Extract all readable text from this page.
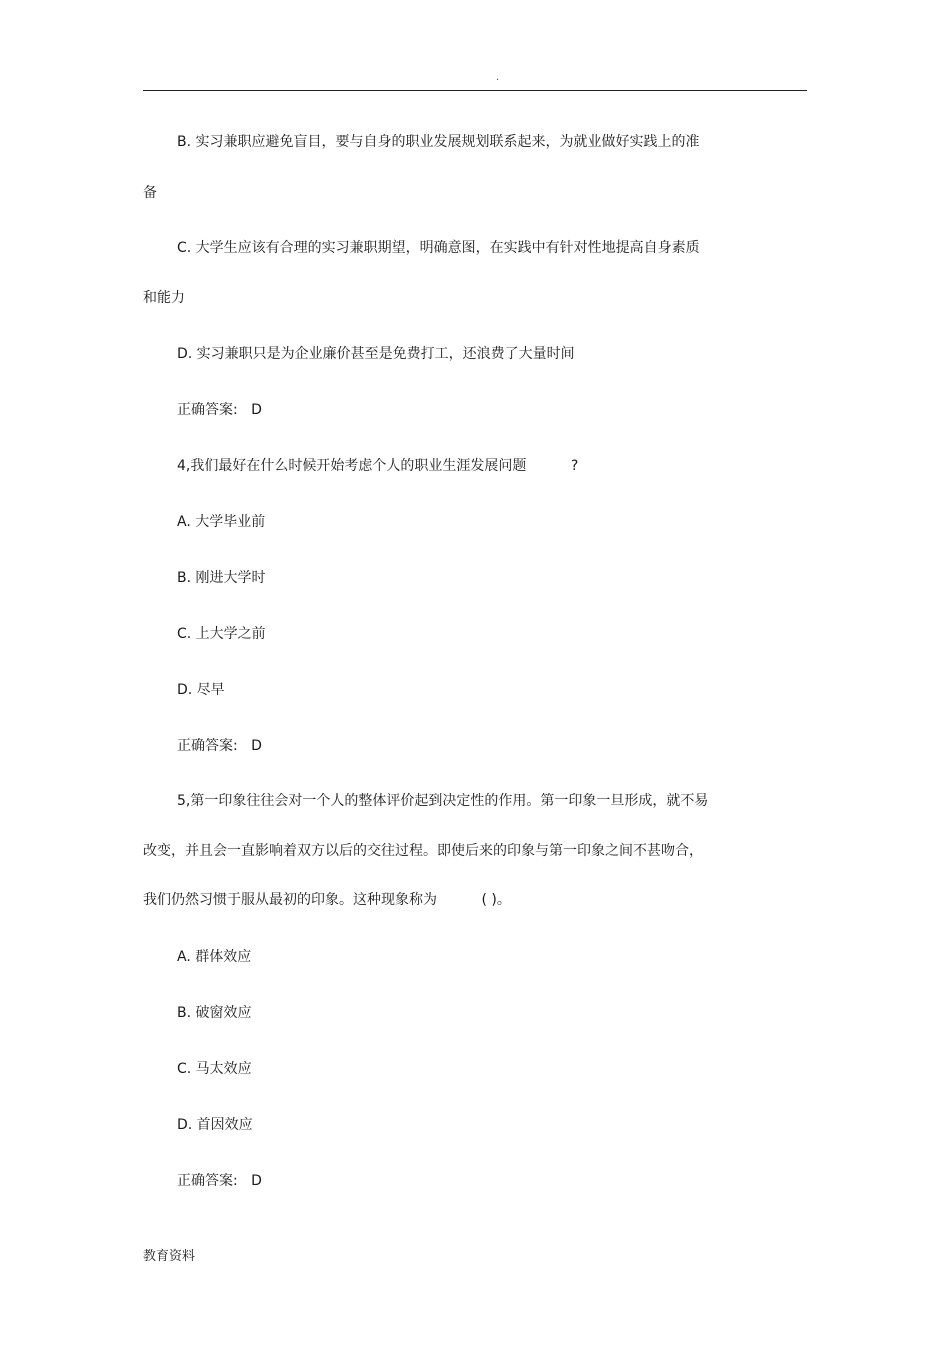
.
B. 实习兼职应避免盲目，要与自身的职业发展规划联系起来，为就业做好实践上的准
备
C. 大学生应该有合理的实习兼职期望，明确意图，在实践中有针对性地提高自身素质
和能力
D. 实习兼职只是为企业廉价甚至是免费打工，还浪费了大量时间
正确答案:   D
4,我们最好在什么时候开始考虑个人的职业生涯发展问题          ?
A. 大学毕业前
B. 刚进大学时
C. 上大学之前
D. 尽早
正确答案:   D
5,第一印象往往会对一个人的整体评价起到决定性的作用。第一印象一旦形成，就不易
改变，并且会一直影响着双方以后的交往过程。即使后来的印象与第一印象之间不甚吻合，
我们仍然习惯于服从最初的印象。这种现象称为          ( )。
A. 群体效应
B. 破窗效应
C. 马太效应
D. 首因效应
正确答案:   D
教育资料
